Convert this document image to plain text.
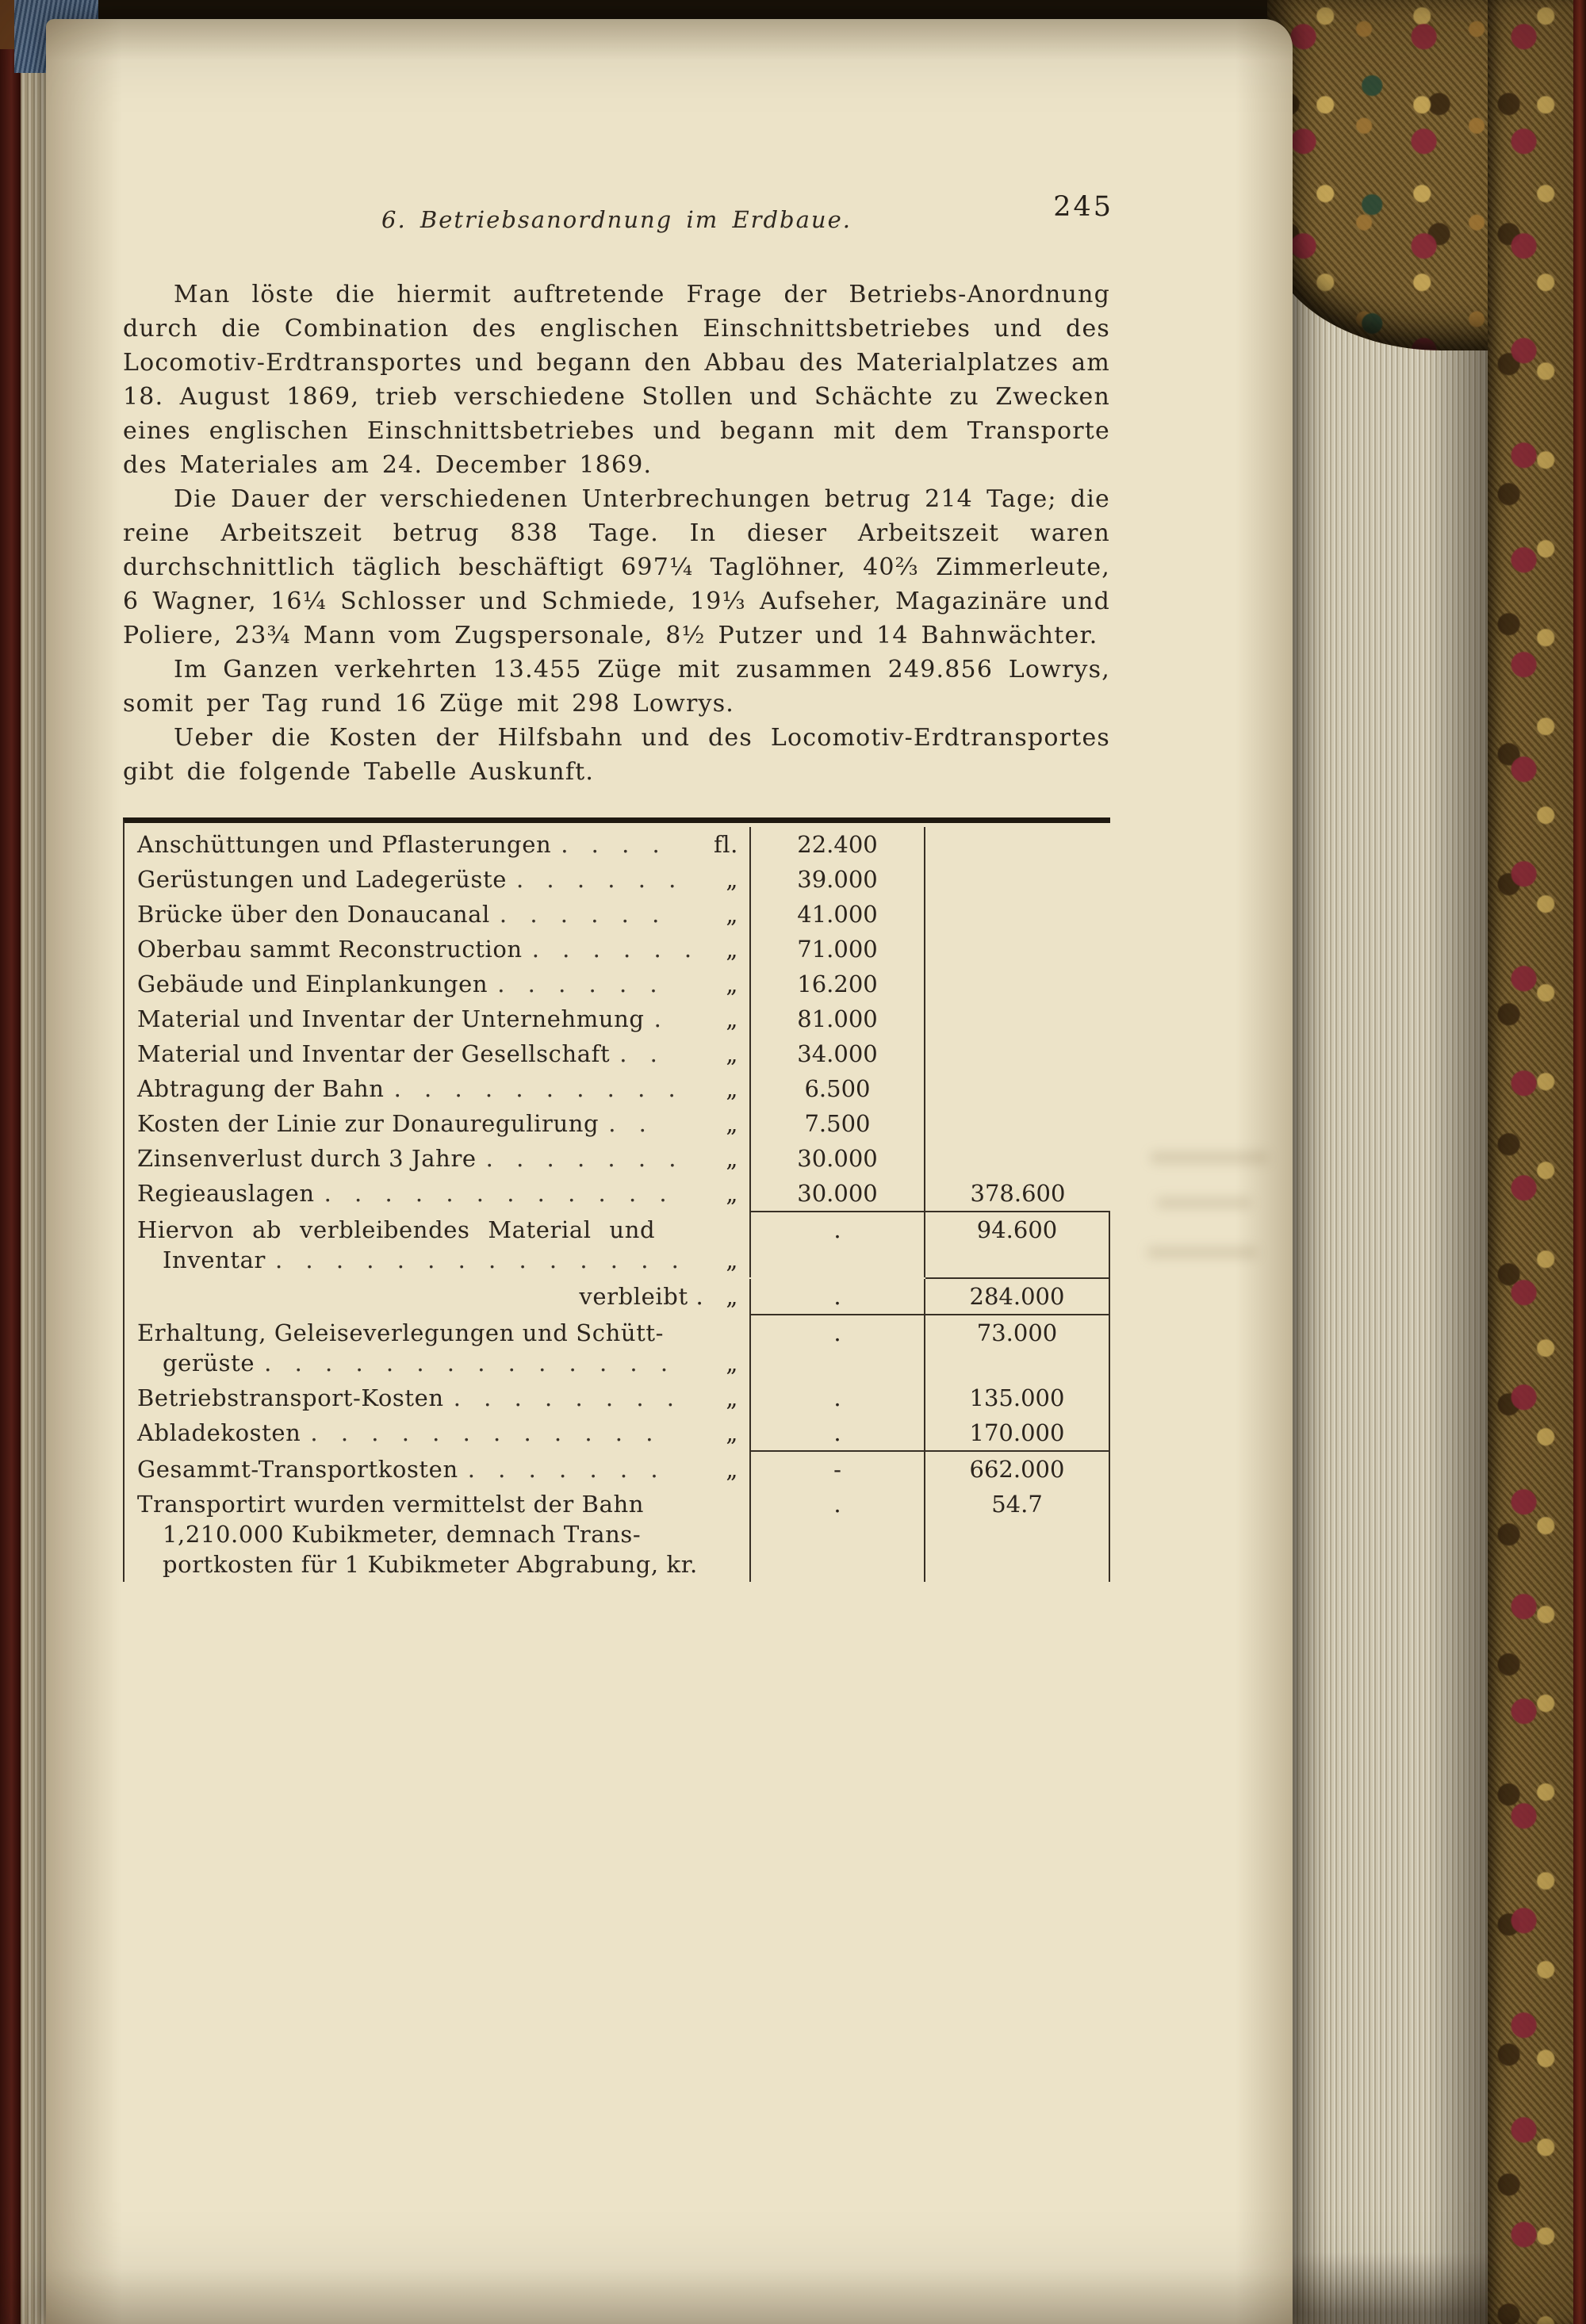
6. Betriebsanordnung im Erdbaue.	245

Man löste die hiermit auftretende Frage der Betriebs-Anordnung durch die Combination des englischen Einschnittsbetriebes und des Locomotiv-Erdtransportes und begann den Abbau des Materialplatzes am 18. August 1869, trieb verschiedene Stollen und Schächte zu Zwecken eines englischen Einschnittsbetriebes und begann mit dem Transporte des Materiales am 24. December 1869.

Die Dauer der verschiedenen Unterbrechungen betrug 214 Tage; die reine Arbeitszeit betrug 838 Tage. In dieser Arbeitszeit waren durchschnittlich täglich beschäftigt 697¼ Taglöhner, 40⅔ Zimmerleute, 6 Wagner, 16¼ Schlosser und Schmiede, 19⅓ Aufseher, Magazinäre und Poliere, 23¾ Mann vom Zugspersonale, 8½ Putzer und 14 Bahnwächter.

Im Ganzen verkehrten 13.455 Züge mit zusammen 249.856 Lowrys, somit per Tag rund 16 Züge mit 298 Lowrys.

Ueber die Kosten der Hilfsbahn und des Locomotiv-Erdtransportes gibt die folgende Tabelle Auskunft.

Anschüttungen und Pflasterungen . . . . fl.	22.400
Gerüstungen und Ladegerüste . . . . . . „	39.000
Brücke über den Donaucanal . . . . . .	„	41.000
Oberbau sammt Reconstruction . . . . . . „	71.000
Gebäude und Einplankungen . . . . . .	„	16.200
Material und Inventar der Unternehmung . „	81.000
Material und Inventar der Gesellschaft . .	„	34.000
Abtragung der Bahn . . . . . . . . . . „	6.500
Kosten der Linie zur Donauregulirung . .	„	7.500
Zinsenverlust durch 3 Jahre . . . . . . . „	30.000
Regieauslagen . . . . . . . . . . . . „	30.000	378.600
Hiervon ab verbleibendes Material und
Inventar . . . . . . . . . . . . . . „
.	94.600
verbleibt . „	.	284.000
Erhaltung, Geleiseverlegungen und Schütt-
gerüste . . . . . . . . . . . . . . „
.	73.000
Betriebstransport-Kosten . . . . . . . . „	.	135.000
Abladekosten . . . . . . . . . . . .	„	.	170.000
Gesammt-Transportkosten . . . . . . .	„	-	662.000
Transportirt wurden vermittelst der Bahn
1,210.000 Kubikmeter, demnach Trans-
portkosten für 1 Kubikmeter Abgrabung, kr.
.	54.7
